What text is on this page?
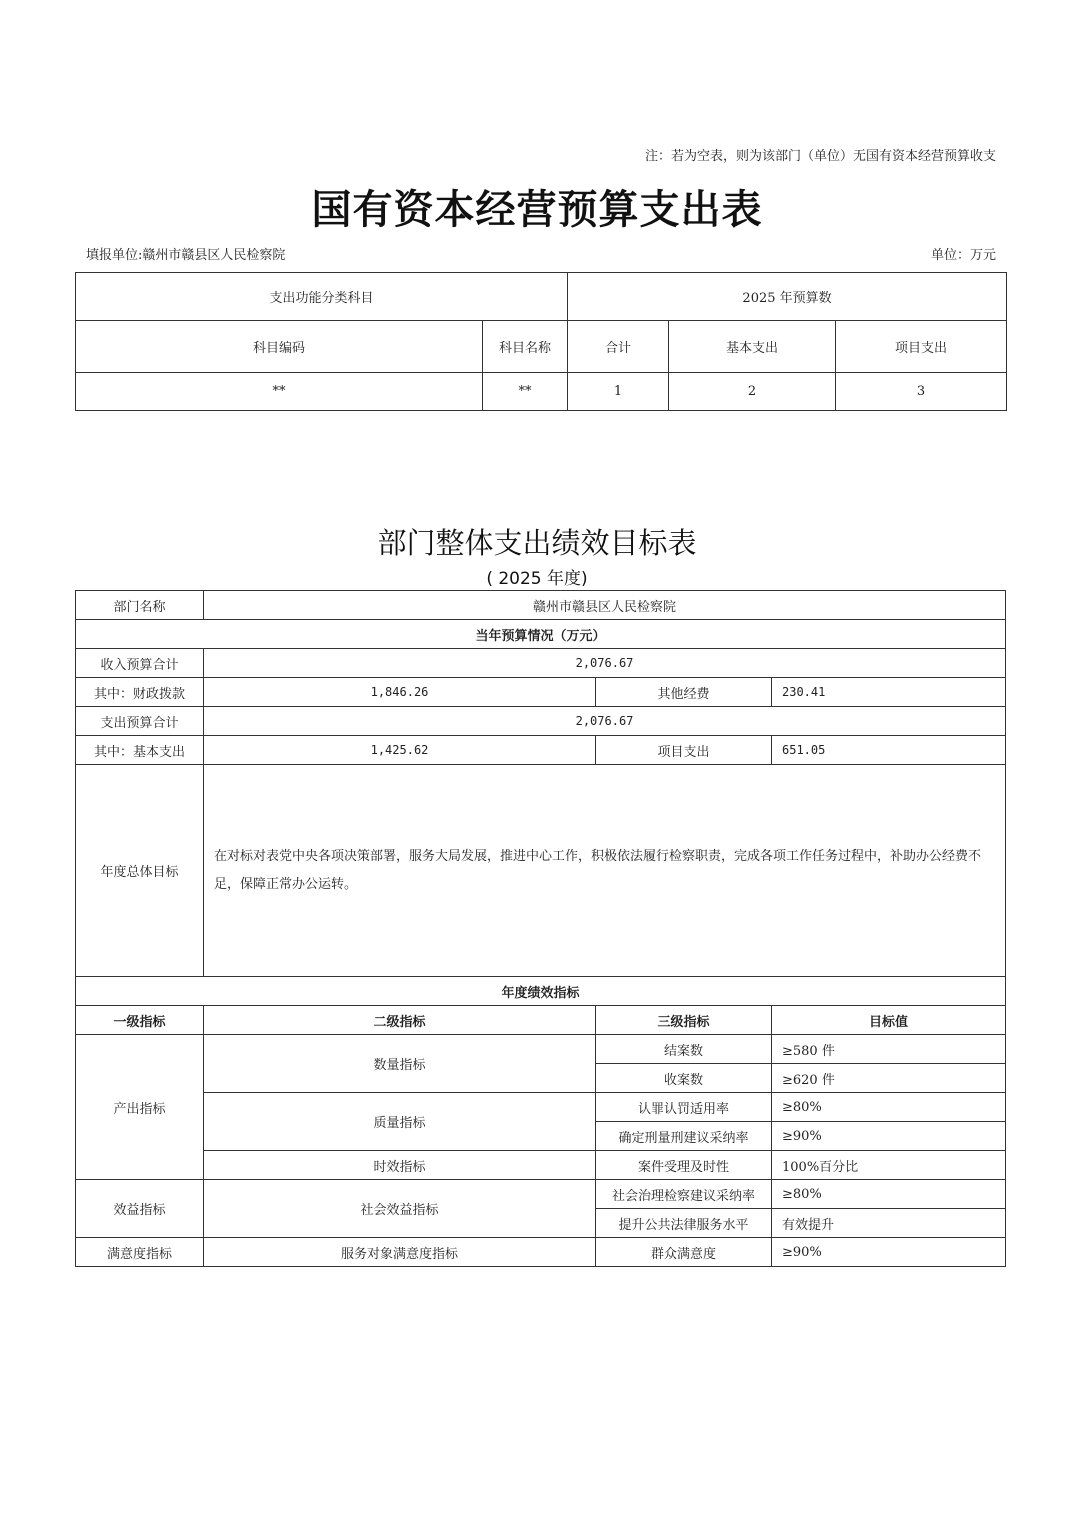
注：若为空表，则为该部门（单位）无国有资本经营预算收支
国有资本经营预算支出表
填报单位:赣州市赣县区人民检察院	单位：万元
支出功能分类科目		2025 年预算数		
科目编码	科目名称	合计	基本支出	项目支出
**	**	1	2	3
部门整体支出绩效目标表
( 2025 年度)
部门名称	赣州市赣县区人民检察院		
当年预算情况（万元）			
收入预算合计	2,076.67		
其中：财政拨款	1,846.26	其他经费	230.41
支出预算合计	2,076.67		
其中：基本支出	1,425.62	项目支出	651.05
年度总体目标	在对标对表党中央各项决策部署，服务大局发展，推进中心工作，积极依法履行检察职责，完成各项工作任务过程中，补助办公经费不足，保障正常办公运转。		
年度绩效指标			
一级指标	二级指标	三级指标	目标值
产出指标	数量指标	结案数	≥580 件
		收案数	≥620 件
	质量指标	认罪认罚适用率	≥80%
		确定刑量刑建议采纳率	≥90%
	时效指标	案件受理及时性	100%百分比
效益指标	社会效益指标	社会治理检察建议采纳率	≥80%
		提升公共法律服务水平	有效提升
满意度指标	服务对象满意度指标	群众满意度	≥90%
